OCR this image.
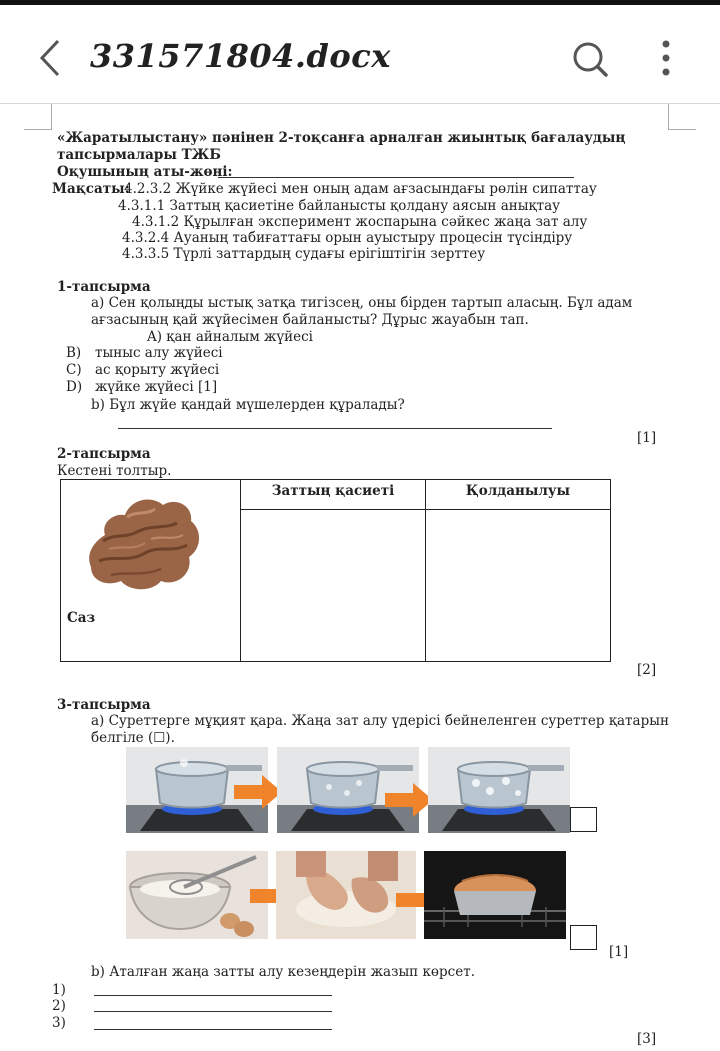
331571804.docx
«Жаратылыстану» пәнінен 2-тоқсанға арналған жиынтық бағалаудың
тапсырмалары ТЖБ
Оқушының аты-жөні:
Мақсаты:
4.2.3.2 Жүйке жүйесі мен оның адам ағзасындағы рөлін сипаттау
4.3.1.1 Заттың қасиетіне байланысты қолдану аясын анықтау
4.3.1.2 Құрылған эксперимент жоспарына сәйкес жаңа зат алу
4.3.2.4 Ауаның табиғаттағы орын ауыстыру процесін түсіндіру
4.3.3.5 Түрлі заттардың судағы ерігіштігін зерттеу
1-тапсырма
а) Сен қолыңды ыстық затқа тигізсең, оны бірден тартып аласың. Бұл адам
ағзасының қай жүйесімен байланысты? Дұрыс жауабын тап.
A) қан айналым жүйесі
B) тыныс алу жүйесі
C) ас қорыту жүйесі
D) жүйке жүйесі [1]
b) Бұл жүйе қандай мүшелерден құралады?
[1]
2-тапсырма
Кестені толтыр.
Саз	Заттың қасиеті	Қолданылуы

[2]
3-тапсырма
а) Суреттерге мұқият қара. Жаңа зат алу үдерісі бейнеленген суреттер қатарын
белгіле (☐).
[1]
b) Аталған жаңа затты алу кезеңдерін жазып көрсет.
1)
2)
3)
[3]
